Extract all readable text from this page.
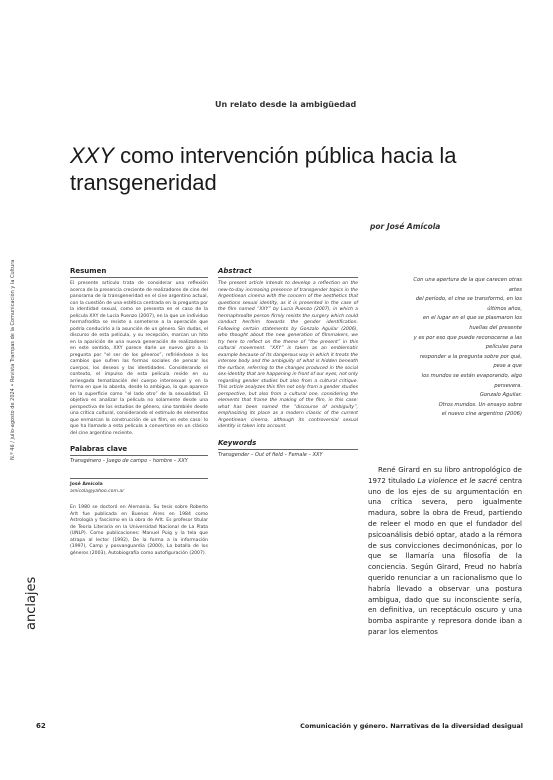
N.º 46 / julio-agosto de 2024 • Revista Trampas de la Comunicación y la Cultura
Un relato desde la ambigüedad
XXY como intervención pública hacia la transgeneridad
por José Amícola
Resumen
El presente artículo trata de considerar una reflexión acerca de la presencia creciente de realizadores de cine del panorama de la transgeneridad en el cine argentino actual, con la cuestión de una estética centrada en la pregunta por la identidad sexual, como se presenta en el caso de la película XXY de Lucía Puenzo (2007), en la que un individuo hermafrodita se resiste a someterse a la operación que podría conducirlo a la asunción de un género. Sin dudas, el discurso de esta película, y su recepción, marcan un hito en la aparición de una nueva generación de realizadores: en este sentido, XXY parece darle un nuevo giro a la pregunta por “el ser de los géneros”, refiriéndose a los cambios que sufren las formas sociales de pensar los cuerpos, los deseos y las identidades. Considerando el contexto, el impulso de esta película reside en su arriesgada tematización del cuerpo intersexual y en la forma en que lo aborda, desde lo ambiguo, lo que aparece en la superficie como “el lado otro” de la sexualidad. El objetivo es analizar la película no solamente desde una perspectiva de los estudios de género, sino también desde una crítica cultural, considerando el estímulo de elementos que enmarcan la construcción de un film, en este caso: lo que ha llamado a esta película a convertirse en un clásico del cine argentino reciente.
Palabras clave
Transgénero – Juego de campo – hombre – XXY
José Amícola
amicola@yahoo.com.ar
En 1980 se doctoró en Alemania. Su tesis sobre Roberto Arlt fue publicada en Buenos Aires en 1984 como Astrología y fascismo en la obra de Arlt. Es profesor titular de Teoría Literaria en la Universidad Nacional de La Plata (UNLP). Como publicaciones: Manuel Puig y la tela que atrapa al lector (1992), De la forma a la información (1997), Camp y posvanguardia (2000), La batalla de los géneros (2003), Autobiografía como autofiguración (2007).
Abstract
The present article intends to develop a reflection on the new-to-day increasing presence of transgender topics in the Argentinean cinema with the concern of the aesthetics that questions sexual identity, as it is presented in the case of the film named “XXY” by Lucía Puenzo (2007), in which a hermaphrodite person firmly resists the surgery which could conduct her/him towards the gender identification. Following certain statements by Gonzalo Aguilar (2006), who thought about the new generation of filmmakers, we try here to reflect on the theme of “the present” in this cultural movement. “XXY” is taken as an emblematic example because of its dangerous way in which it treats the intersex body and the ambiguity of what is hidden beneath the surface, referring to the changes produced in the social sex-identity that are happening in front of our eyes, not only regarding gender studies but also from a cultural critique. This article analyzes this film not only from a gender studies perspective, but also from a cultural one, considering the elements that frame the making of the film, in this case: what has been named the “discourse of ambiguity”, emphasizing its place as a modern classic of the current Argentinean cinema, although its controversial sexual identity is taken into account.
Keywords
Transgender – Out of field – Female – XXY
Con una apertura de la que carecen otras
artes
del período, el cine se transformó, en los
últimos años,
en el lugar en el que se plasmaron los
huellas del presente
y es por eso que puede reconocerse a las
películas para
responder a la pregunta sobre por qué,
pese a que
los mundos se están evaporando, algo
persevera.
Gonzalo Aguilar.
Otros mundos. Un ensayo sobre
el nuevo cine argentino (2006)
René Girard en su libro antropológico de 1972 titulado La violence et le sacré centra uno de los ejes de su argumentación en una crítica severa, pero igualmente madura, sobre la obra de Freud, partiendo de releer el modo en que el fundador del psicoanálisis debió optar, atado a la rémora de sus convicciones decimonónicas, por lo que se llamaría una filosofía de la conciencia. Según Girard, Freud no habría querido renunciar a un racionalismo que lo habría llevado a observar una postura ambigua, dado que su inconsciente sería, en definitiva, un receptáculo oscuro y una bomba aspirante y represora donde iban a parar los elementos
anclajes
62	Comunicación y género. Narrativas de la diversidad desigual
